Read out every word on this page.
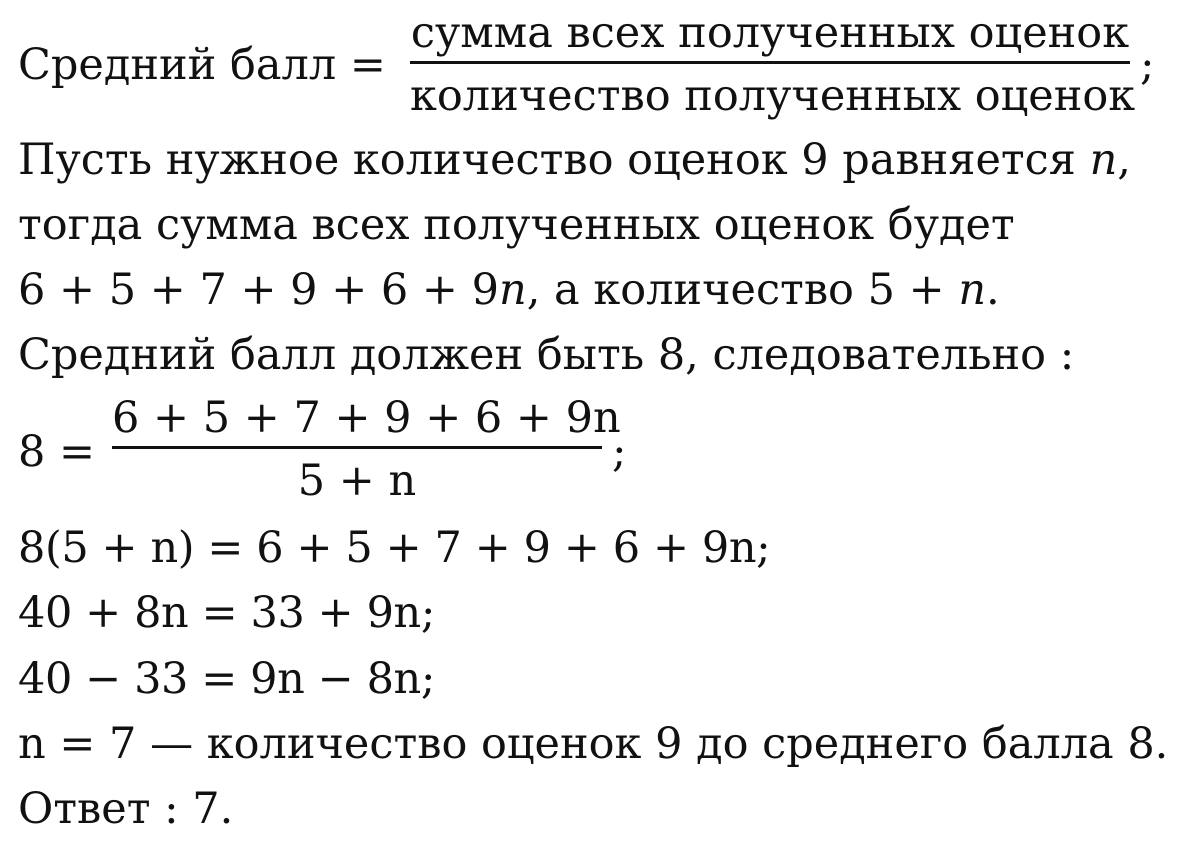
Средний балл =
сумма всех полученных оценок
количество полученных оценок
;
Пусть нужное количество оценок 9 равняется n,
тогда сумма всех полученных оценок будет
6 + 5 + 7 + 9 + 6 + 9n, а количество 5 + n.
Средний балл должен быть 8, следовательно :
8 =
6 + 5 + 7 + 9 + 6 + 9n
5 + n
;
8(5 + n) = 6 + 5 + 7 + 9 + 6 + 9n;
40 + 8n = 33 + 9n;
40 − 33 = 9n − 8n;
n = 7 — количество оценок 9 до среднего балла 8.
Ответ : 7.
